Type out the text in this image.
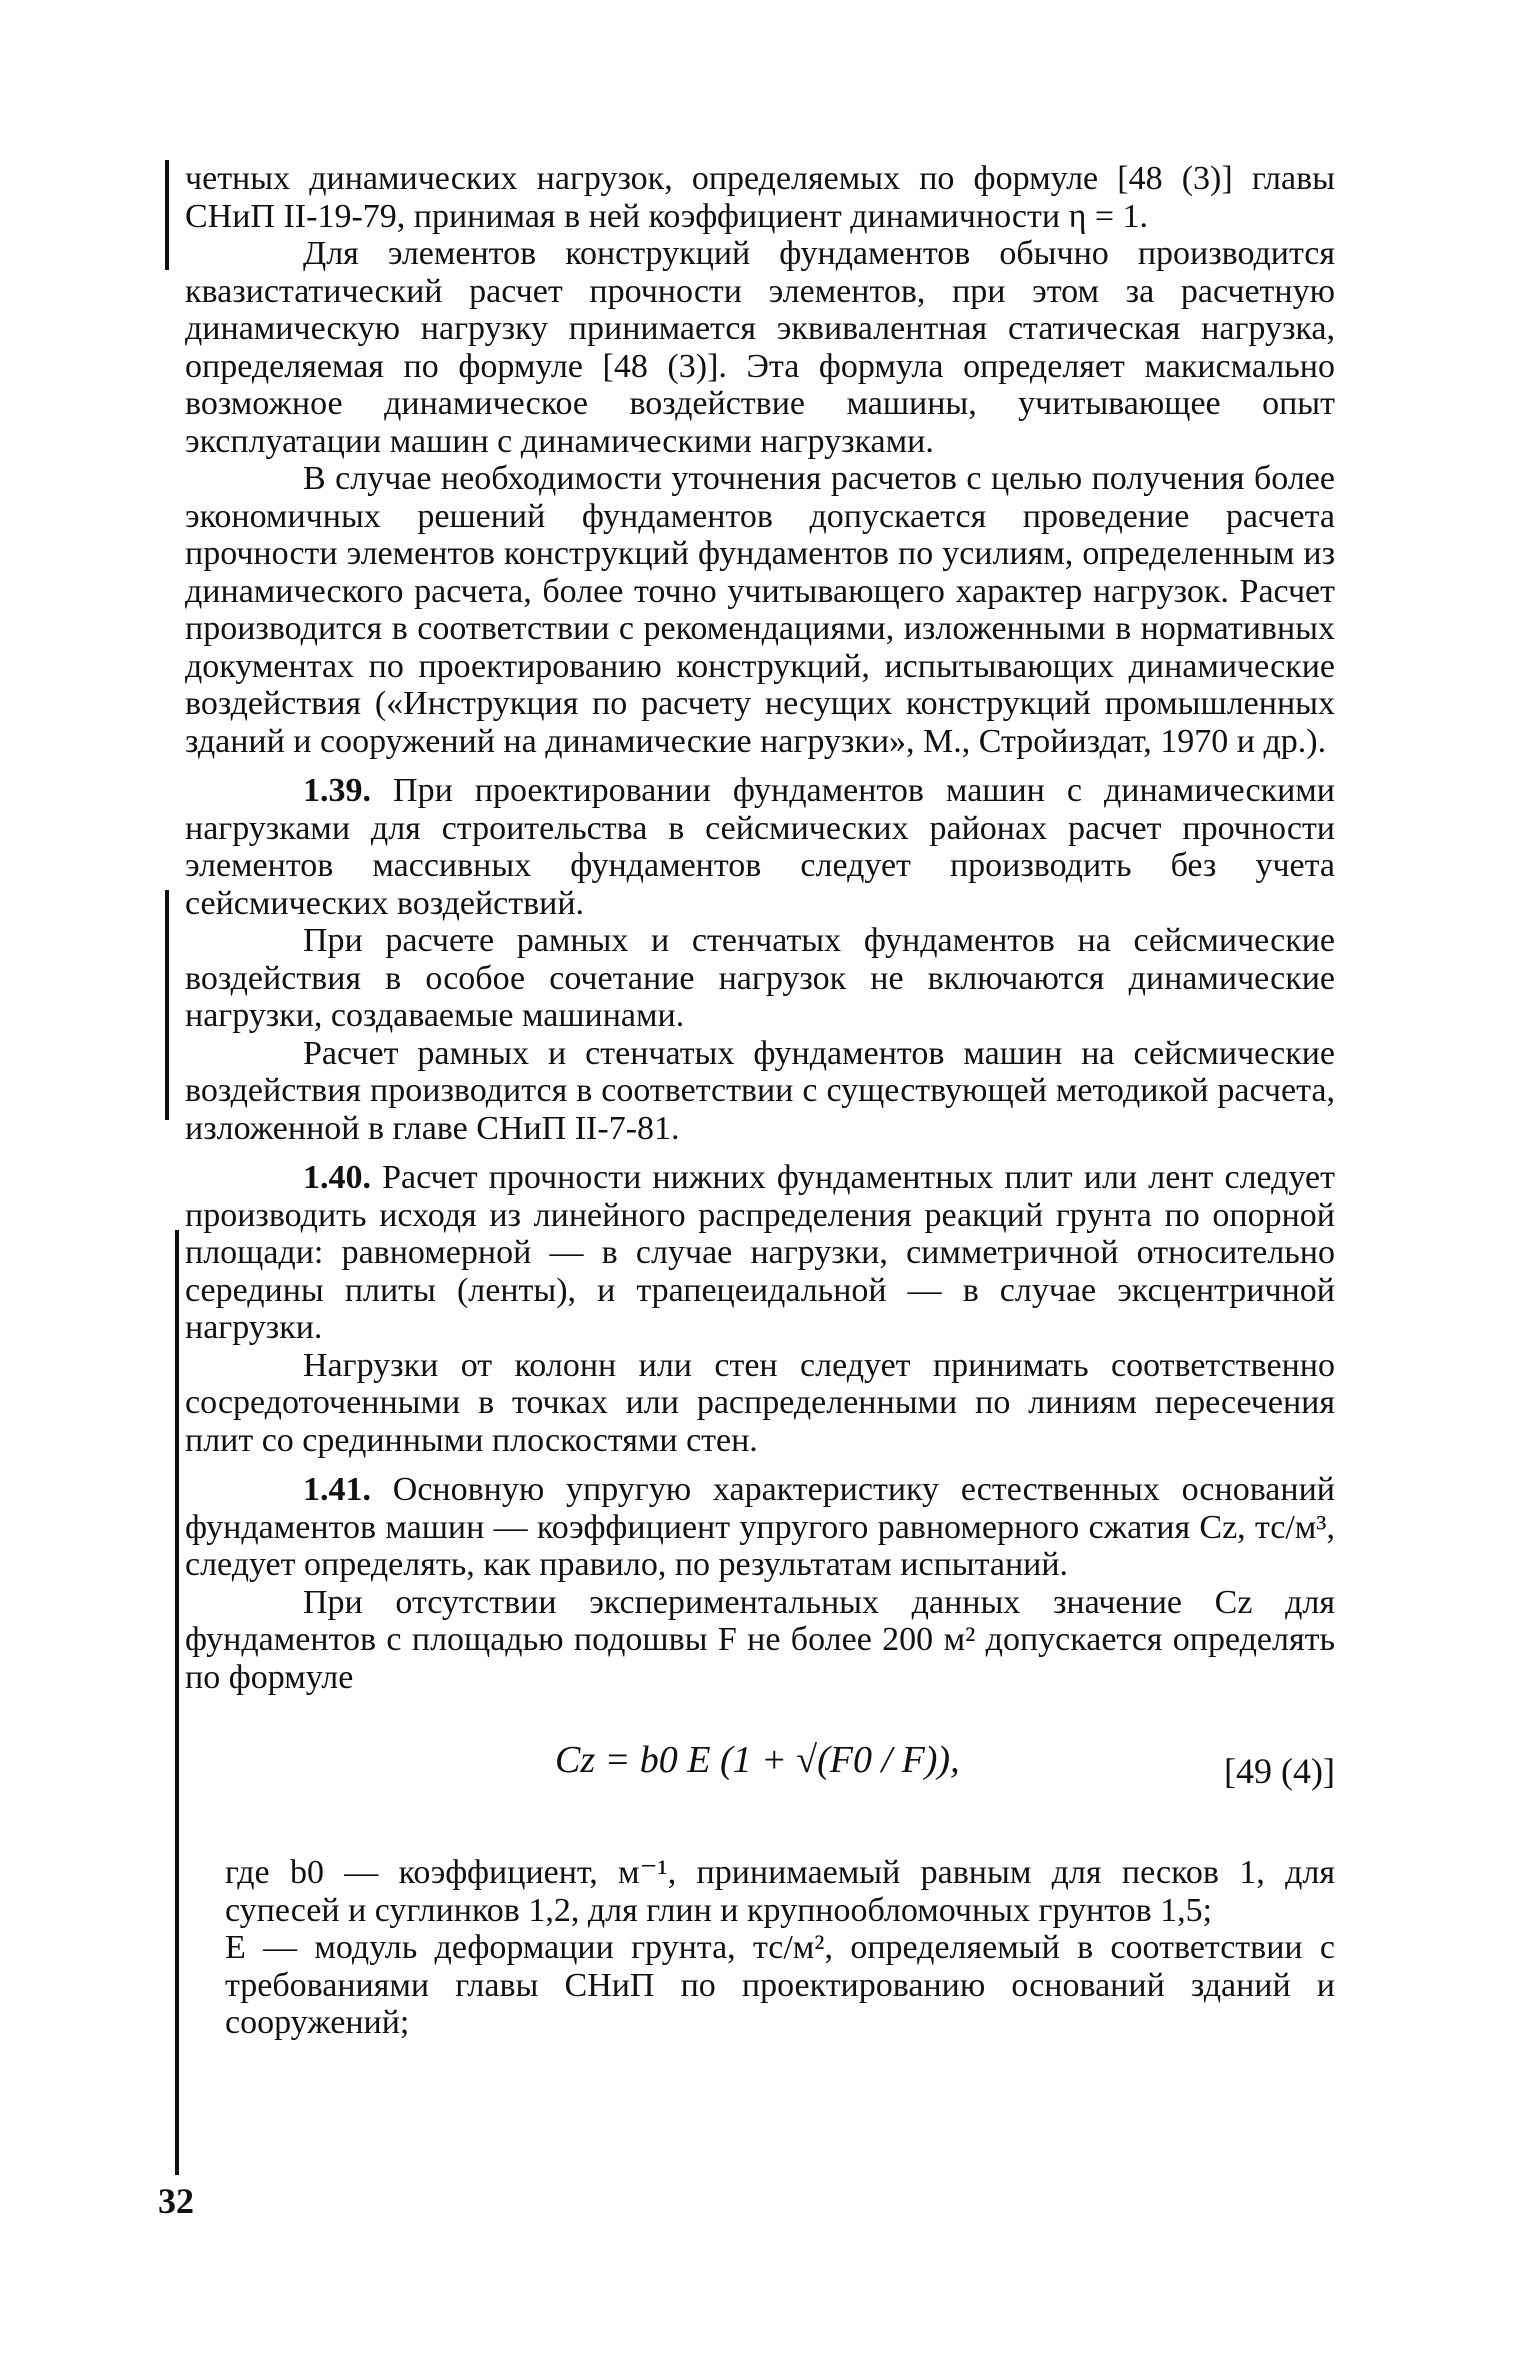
четных динамических нагрузок, определяемых по формуле [48 (3)] главы СНиП II-19-79, принимая в ней коэффициент динамичности η = 1.

Для элементов конструкций фундаментов обычно производится квазистатический расчет прочности элементов, при этом за расчетную динамическую нагрузку принимается эквивалентная статическая нагрузка, определяемая по формуле [48 (3)]. Эта формула определяет макисмально возможное динамическое воздействие машины, учитывающее опыт эксплуатации машин с динамическими нагрузками.

В случае необходимости уточнения расчетов с целью получения более экономичных решений фундаментов допускается проведение расчета прочности элементов конструкций фундаментов по усилиям, определенным из динамического расчета, более точно учитывающего характер нагрузок. Расчет производится в соответствии с рекомендациями, изложенными в нормативных документах по проектированию конструкций, испытывающих динамические воздействия («Инструкция по расчету несущих конструкций промышленных зданий и сооружений на динамические нагрузки», М., Стройиздат, 1970 и др.).

1.39. При проектировании фундаментов машин с динамическими нагрузками для строительства в сейсмических районах расчет прочности элементов массивных фундаментов следует производить без учета сейсмических воздействий.

При расчете рамных и стенчатых фундаментов на сейсмические воздействия в особое сочетание нагрузок не включаются динамические нагрузки, создаваемые машинами.

Расчет рамных и стенчатых фундаментов машин на сейсмические воздействия производится в соответствии с существующей методикой расчета, изложенной в главе СНиП II-7-81.

1.40. Расчет прочности нижних фундаментных плит или лент следует производить исходя из линейного распределения реакций грунта по опорной площади: равномерной — в случае нагрузки, симметричной относительно середины плиты (ленты), и трапецеидальной — в случае эксцентричной нагрузки.

Нагрузки от колонн или стен следует принимать соответственно сосредоточенными в точках или распределенными по линиям пересечения плит со срединными плоскостями стен.

1.41. Основную упругую характеристику естественных оснований фундаментов машин — коэффициент упругого равномерного сжатия Cz, тс/м³, следует определять, как правило, по результатам испытаний.

При отсутствии экспериментальных данных значение Cz для фундаментов с площадью подошвы F не более 200 м² допускается определять по формуле

Cz = b0 E (1 + √(F0 / F)),	[49 (4)]

где b0 — коэффициент, м⁻¹, принимаемый равным для песков 1, для супесей и суглинков 1,2, для глин и крупнообломочных грунтов 1,5;

E — модуль деформации грунта, тс/м², определяемый в соответствии с требованиями главы СНиП по проектированию оснований зданий и сооружений;

32
